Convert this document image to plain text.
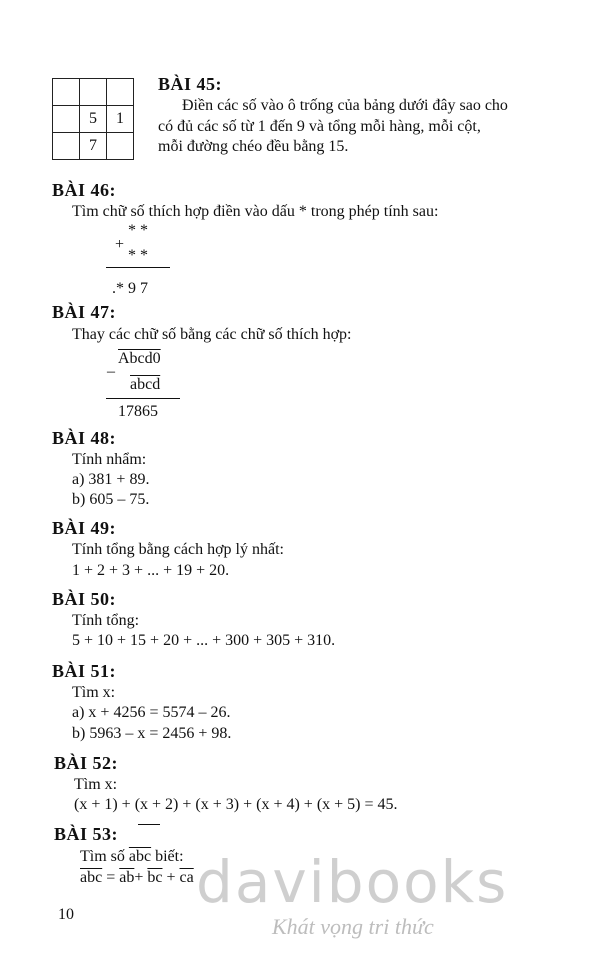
	5	1
	7	
BÀI 45:
Điền các số vào ô trống của bảng dưới đây sao cho
có đủ các số từ 1 đến 9 và tổng mỗi hàng, mỗi cột,
mỗi đường chéo đều bằng 15.
BÀI 46:
Tìm chữ số thích hợp điền vào dấu * trong phép tính sau:
* *
+
* *
.* 9 7
BÀI 47:
Thay các chữ số bằng các chữ số thích hợp:
Abcd0
–
abcd
17865
BÀI 48:
Tính nhẩm:
a) 381 + 89.
b) 605 – 75.
BÀI 49:
Tính tổng bằng cách hợp lý nhất:
1 + 2 + 3 + ... + 19 + 20.
BÀI 50:
Tính tổng:
5 + 10 + 15 + 20 + ... + 300 + 305 + 310.
BÀI 51:
Tìm x:
a) x + 4256 = 5574 – 26.
b) 5963 – x = 2456 + 98.
BÀI 52:
Tìm x:
(x + 1) + (x + 2) + (x + 3) + (x + 4) + (x + 5) = 45.
BÀI 53:
Tìm số $\overline{abc}$ biết:
$\overline{abc} = \overline{ab}+ \overline{bc} + \overline{ca}$
10 davibooks
Khát vọng tri thức
